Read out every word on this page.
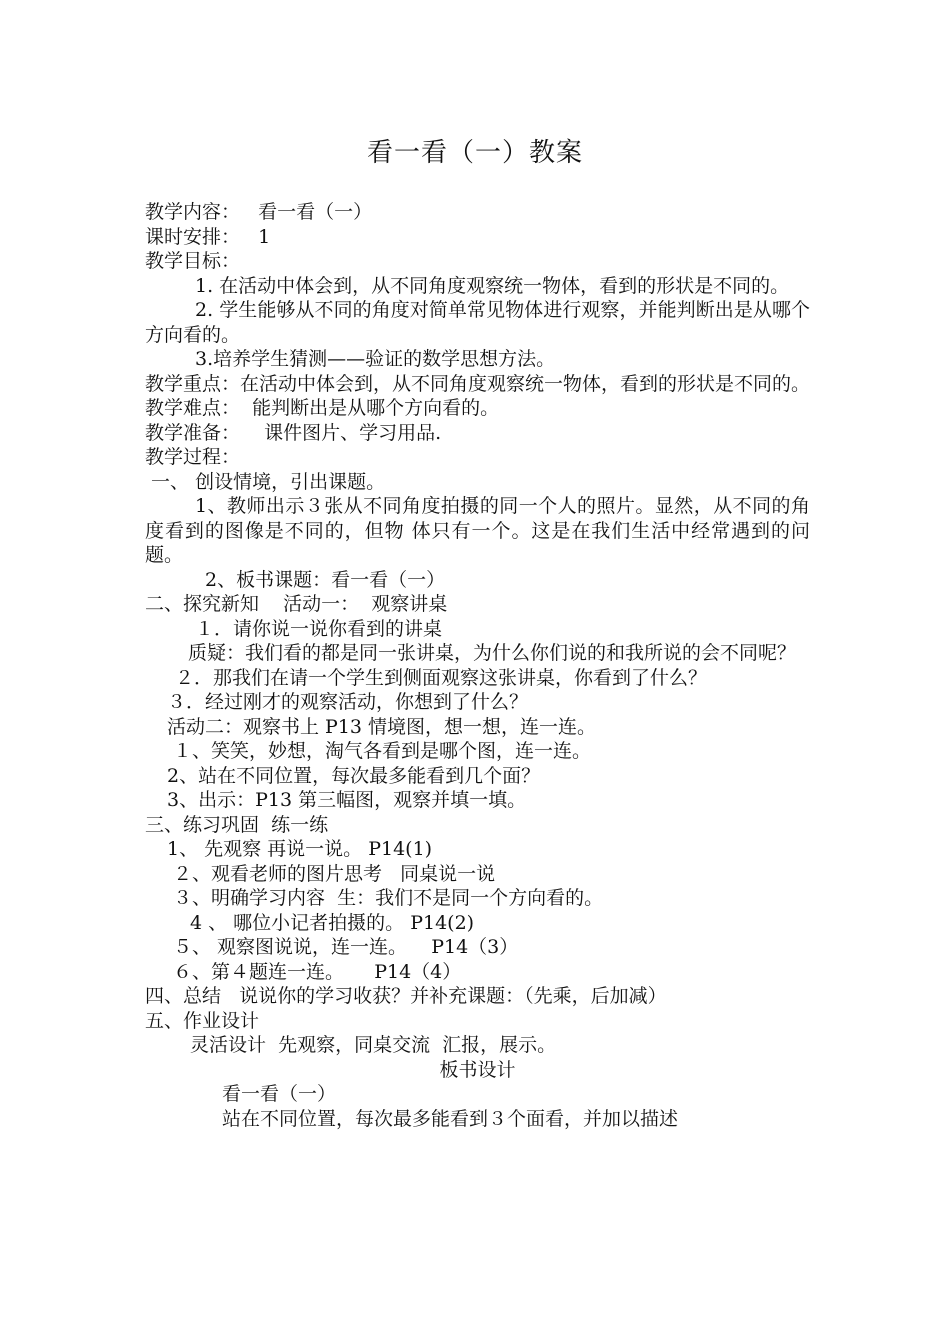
看一看（一）教案
教学内容：   看一看（一）
课时安排：   1
教学目标：
1. 在活动中体会到，从不同角度观察统一物体，看到的形状是不同的。
2. 学生能够从不同的角度对简单常见物体进行观察，并能判断出是从哪个方向看的。
3.培养学生猜测——验证的数学思想方法。
教学重点：在活动中体会到，从不同角度观察统一物体，看到的形状是不同的。
教学难点：  能判断出是从哪个方向看的。
教学准备：    课件图片、学习用品.
教学过程：
一、 创设情境，引出课题。
1、教师出示３张从不同角度拍摄的同一个人的照片。显然，从不同的角度看到的图像是不同的，但物 体只有一个。这是在我们生活中经常遇到的问题。
2、板书课题：看一看（一）
二、探究新知    活动一：  观察讲桌
１．请你说一说你看到的讲桌
质疑：我们看的都是同一张讲桌，为什么你们说的和我所说的会不同呢？
２．那我们在请一个学生到侧面观察这张讲桌，你看到了什么？
３．经过刚才的观察活动，你想到了什么？
活动二：观察书上 P13 情境图，想一想，连一连。
１、笑笑，妙想，淘气各看到是哪个图，连一连。
2、站在不同位置，每次最多能看到几个面？
3、出示：P13 第三幅图，观察并填一填。
三、练习巩固  练一练
1、 先观察 再说一说。 P14(1)
２、观看老师的图片思考   同桌说一说
３、明确学习内容  生：我们不是同一个方向看的。
4 、 哪位小记者拍摄的。 P14(2)
５、 观察图说说，连一连。    P14（3）
６、第４题连一连。     P14（4）
四、总结   说说你的学习收获？并补充课题：（先乘，后加减）
五、作业设计
灵活设计  先观察，同桌交流  汇报，展示。
板书设计
看一看（一）
站在不同位置，每次最多能看到３个面看，并加以描述
